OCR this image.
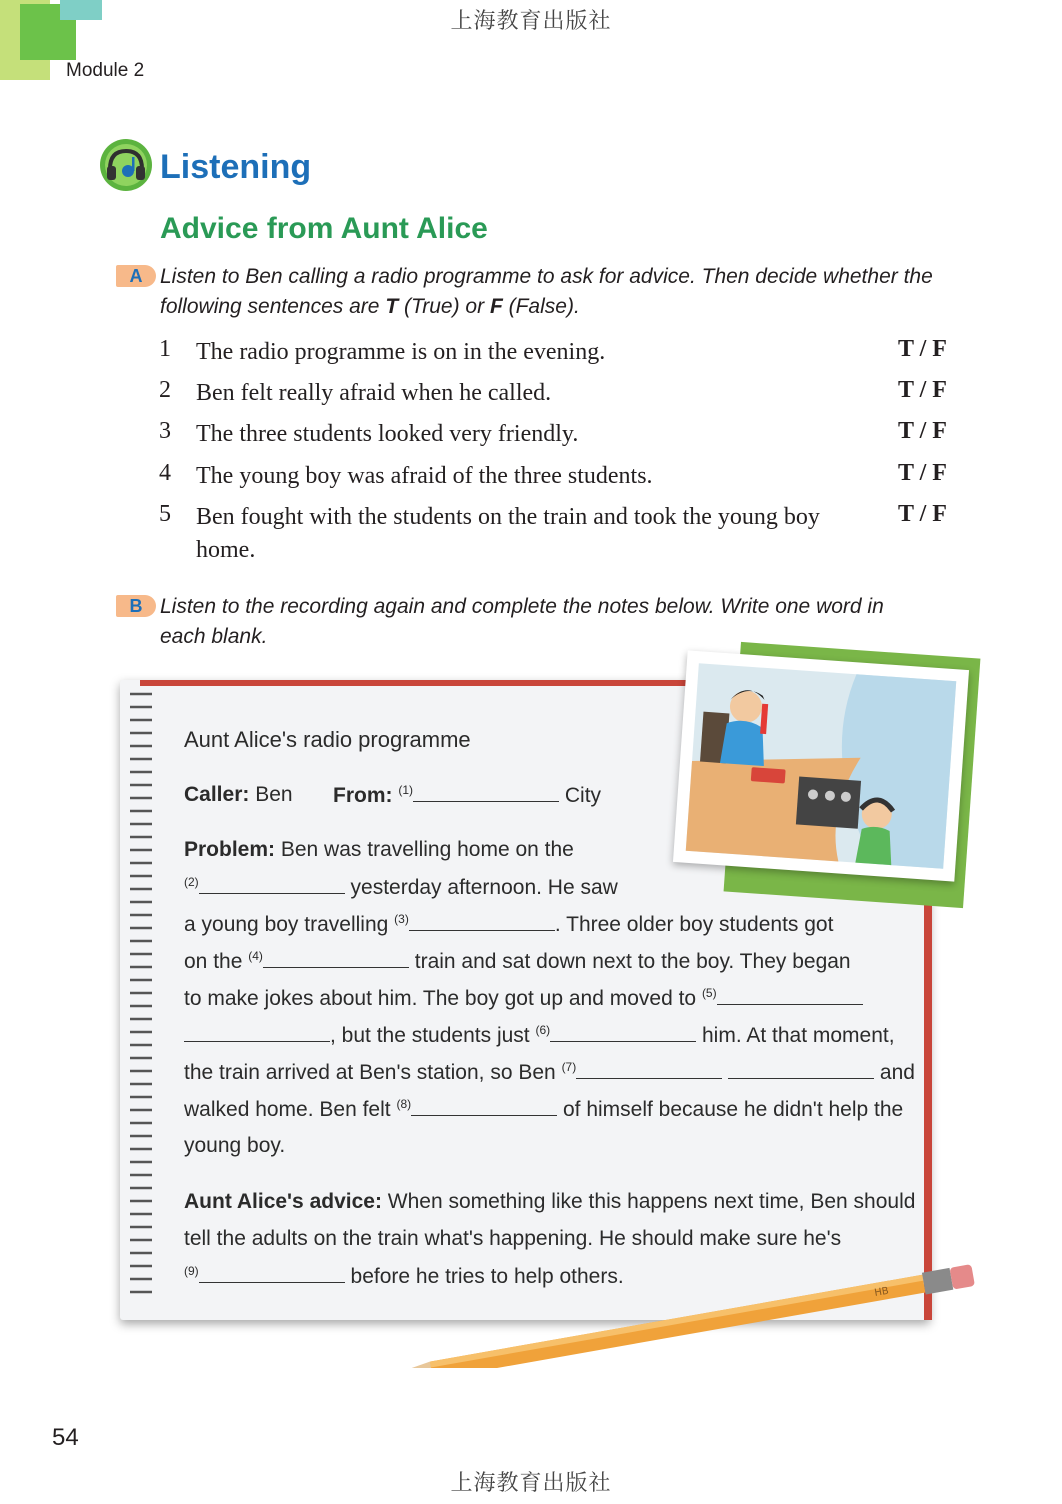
上海教育出版社
Module 2
Listening
Advice from Aunt Alice
A Listen to Ben calling a radio programme to ask for advice. Then decide whether the
following sentences are T (True) or F (False).
1	The radio programme is on in the evening.	T / F
2	Ben felt really afraid when he called.	T / F
3	The three students looked very friendly.	T / F
4	The young boy was afraid of the three students.	T / F
5	Ben fought with the students on the train and took the young boy home.
T / F
B Listen to the recording again and complete the notes below. Write one word in
each blank.
Aunt Alice's radio programme
Caller: Ben From: $^{(1)}$	City
Problem: Ben was travelling home on the
$^{(2)}$	yesterday afternoon. He saw
a young boy travelling $^{(3)}$	. Three older boy students got
on the $^{(4)}$	train and sat down next to the boy. They began
to make jokes about him. The boy got up and moved to $^{(5)}$
, but the students just $^{(6)}$	him. At that moment,
the train arrived at Ben's station, so Ben $^{(7)}$	and
walked home. Ben felt $^{(8)}$	of himself because he didn't help the
young boy.
Aunt Alice's advice: When something like this happens next time, Ben should
tell the adults on the train what's happening. He should make sure he's
$^{(9)}$	before he tries to help others.
HB
54
上海教育出版社
